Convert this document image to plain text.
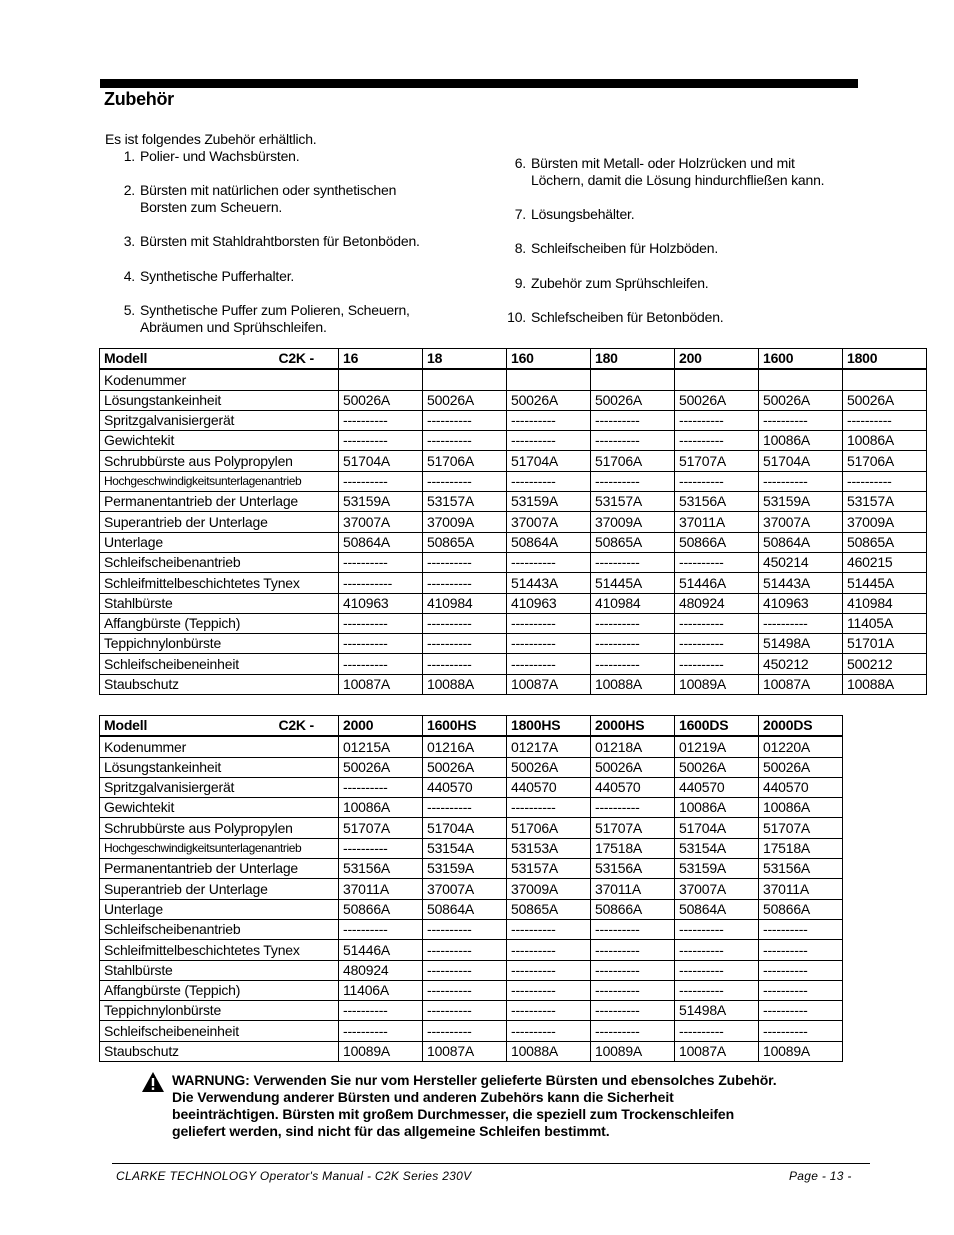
Zubehör
Es ist folgendes Zubehör erhältlich.
1. Polier- und Wachsbürsten.
2. Bürsten mit natürlichen oder synthetischen
Borsten zum Scheuern.
3. Bürsten mit Stahldrahtborsten für Betonböden.
4. Synthetische Pufferhalter.
5. Synthetische Puffer zum Polieren, Scheuern,
Abräumen und Sprühschleifen.
6. Bürsten mit Metall- oder Holzrücken und mit
Löchern, damit die Lösung hindurchfließen kann.
7. Lösungsbehälter.
8. Schleifscheiben für Holzböden.
9. Zubehör zum Sprühschleifen.
10. Schlefscheiben für Betonböden.
Modell C2K -	16	18	160	180	200	1600	1800
Kodenummer							
Lösungstankeinheit	50026A	50026A	50026A	50026A	50026A	50026A	50026A
Spritzgalvanisiergerät	----------	----------	----------	----------	----------	----------	----------
Gewichtekit	----------	----------	----------	----------	----------	10086A	10086A
Schrubbürste aus Polypropylen	51704A	51706A	51704A	51706A	51707A	51704A	51706A
Hochgeschwindigkeitsunterlagenantrieb	----------	----------	----------	----------	----------	----------	----------
Permanentantrieb der Unterlage	53159A	53157A	53159A	53157A	53156A	53159A	53157A
Superantrieb der Unterlage	37007A	37009A	37007A	37009A	37011A	37007A	37009A
Unterlage	50864A	50865A	50864A	50865A	50866A	50864A	50865A
Schleifscheibenantrieb	----------	----------	----------	----------	----------	450214	460215
Schleifmittelbeschichtetes Tynex	-----------	----------	51443A	51445A	51446A	51443A	51445A
Stahlbürste	410963	410984	410963	410984	480924	410963	410984
Affangbürste (Teppich)	----------	----------	----------	----------	----------	----------	11405A
Teppichnylonbürste	----------	----------	----------	----------	----------	51498A	51701A
Schleifscheibeneinheit	----------	----------	----------	----------	----------	450212	500212
Staubschutz	10087A	10088A	10087A	10088A	10089A	10087A	10088A
Modell C2K -	2000	1600HS	1800HS	2000HS	1600DS	2000DS
Kodenummer	01215A	01216A	01217A	01218A	01219A	01220A
Lösungstankeinheit	50026A	50026A	50026A	50026A	50026A	50026A
Spritzgalvanisiergerät	----------	440570	440570	440570	440570	440570
Gewichtekit	10086A	----------	----------	----------	10086A	10086A
Schrubbürste aus Polypropylen	51707A	51704A	51706A	51707A	51704A	51707A
Hochgeschwindigkeitsunterlagenantrieb	----------	53154A	53153A	17518A	53154A	17518A
Permanentantrieb der Unterlage	53156A	53159A	53157A	53156A	53159A	53156A
Superantrieb der Unterlage	37011A	37007A	37009A	37011A	37007A	37011A
Unterlage	50866A	50864A	50865A	50866A	50864A	50866A
Schleifscheibenantrieb	----------	----------	----------	----------	----------	----------
Schleifmittelbeschichtetes Tynex	51446A	----------	----------	----------	----------	----------
Stahlbürste	480924	----------	----------	----------	----------	----------
Affangbürste (Teppich)	11406A	----------	----------	----------	----------	----------
Teppichnylonbürste	----------	----------	----------	----------	51498A	----------
Schleifscheibeneinheit	----------	----------	----------	----------	----------	----------
Staubschutz	10089A	10087A	10088A	10089A	10087A	10089A
WARNUNG: Verwenden Sie nur vom Hersteller gelieferte Bürsten und ebensolches Zubehör.
Die Verwendung anderer Bürsten und anderen Zubehörs kann die Sicherheit
beeinträchtigen. Bürsten mit großem Durchmesser, die speziell zum Trockenschleifen
geliefert werden, sind nicht für das allgemeine Schleifen bestimmt.
CLARKE TECHNOLOGY Operator's Manual - C2K Series 230V	Page - 13 -
